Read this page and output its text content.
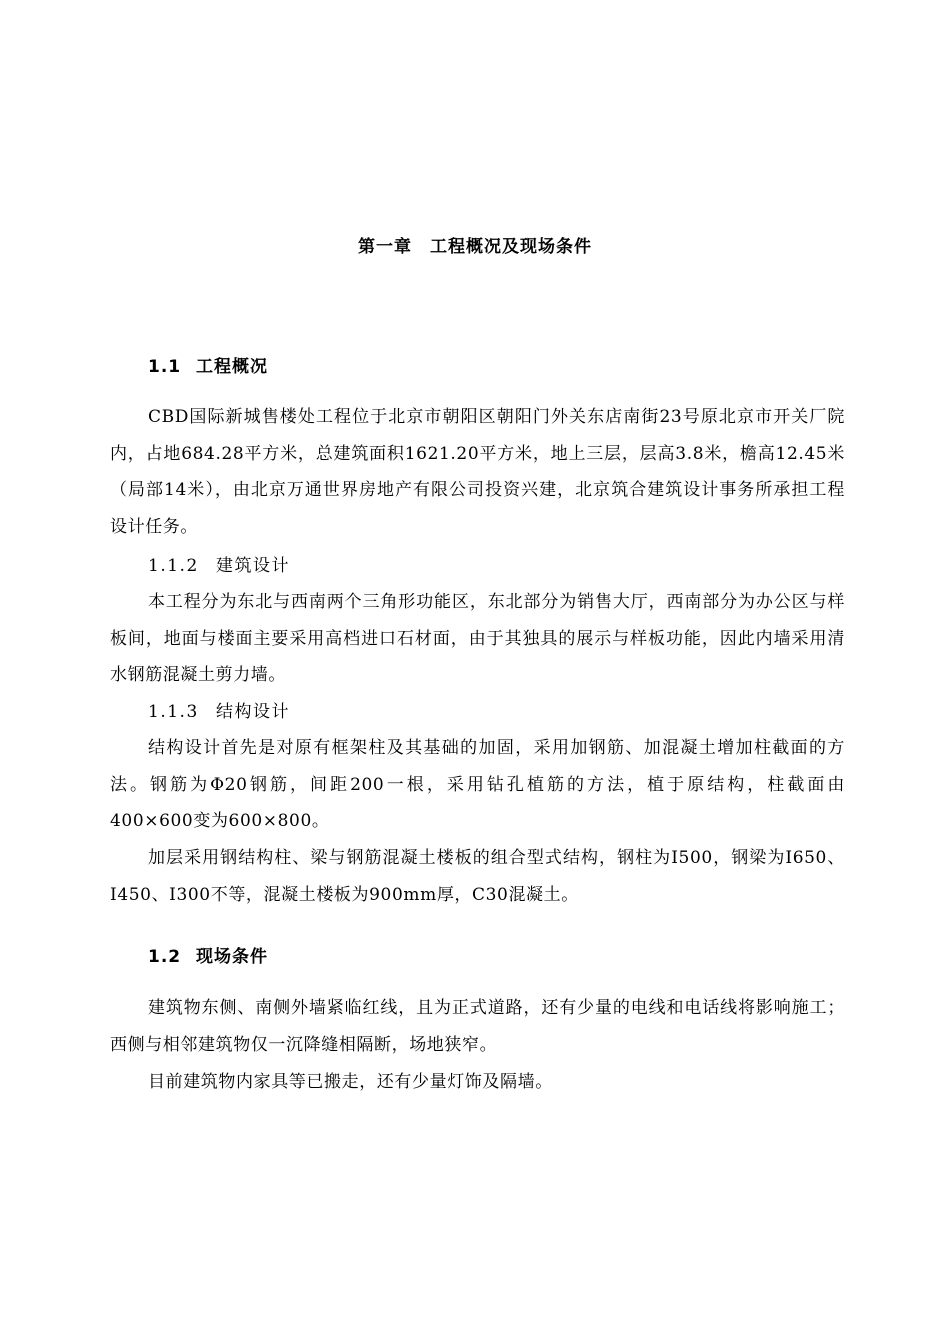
第一章　工程概况及现场条件
1.1 工程概况

CBD国际新城售楼处工程位于北京市朝阳区朝阳门外关东店南街23号原北京市开关厂院内，占地684.28平方米，总建筑面积1621.20平方米，地上三层，层高3.8米，檐高12.45米（局部14米），由北京万通世界房地产有限公司投资兴建，北京筑合建筑设计事务所承担工程设计任务。

1.1.2 建筑设计

本工程分为东北与西南两个三角形功能区，东北部分为销售大厅，西南部分为办公区与样板间，地面与楼面主要采用高档进口石材面，由于其独具的展示与样板功能，因此内墙采用清水钢筋混凝土剪力墙。

1.1.3 结构设计

结构设计首先是对原有框架柱及其基础的加固，采用加钢筋、加混凝土增加柱截面的方法。钢筋为Φ20钢筋，间距200一根，采用钻孔植筋的方法，植于原结构，柱截面由400×600变为600×800。

加层采用钢结构柱、梁与钢筋混凝土楼板的组合型式结构，钢柱为I500，钢梁为I650、I450、I300不等，混凝土楼板为900mm厚，C30混凝土。

1.2 现场条件

建筑物东侧、南侧外墙紧临红线，且为正式道路，还有少量的电线和电话线将影响施工；西侧与相邻建筑物仅一沉降缝相隔断，场地狭窄。

目前建筑物内家具等已搬走，还有少量灯饰及隔墙。
